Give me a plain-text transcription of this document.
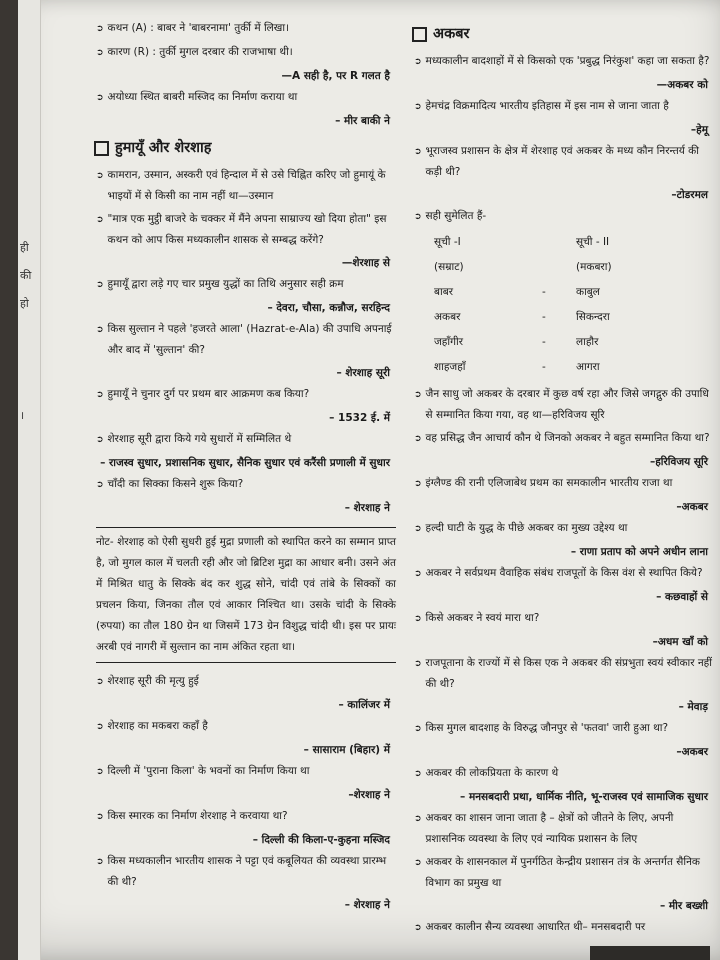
ही
की
हो
।
➲ कथन (A) : बाबर ने 'बाबरनामा' तुर्की में लिखा।
➲ कारण (R) : तुर्की मुगल दरबार की राजभाषा थी।
—A सही है, पर R गलत है
➲ अयोध्या स्थित बाबरी मस्जिद का निर्माण कराया था
– मीर बाकी ने
हुमायूँ और शेरशाह
➲ कामरान, उस्मान, अस्करी एवं हिन्दाल में से उसे चिह्नित करिए जो हुमायूं के भाइयों में से किसी का नाम नहीं था—उस्मान
➲ "मात्र एक मुट्ठी बाजरे के चक्कर में मैंने अपना साम्राज्य खो दिया होता" इस कथन को आप किस मध्यकालीन शासक से सम्बद्ध करेंगे?
—शेरशाह से
➲ हुमायूँ द्वारा लड़े गए चार प्रमुख युद्धों का तिथि अनुसार सही क्रम
– देवरा, चौसा, कन्नौज, सरहिन्द
➲ किस सुल्तान ने पहले 'हजरते आला' (Hazrat-e-Ala) की उपाधि अपनाई और बाद में 'सुल्तान' की?
– शेरशाह सूरी
➲ हुमायूँ ने चुनार दुर्ग पर प्रथम बार आक्रमण कब किया?
– 1532 ई. में
➲ शेरशाह सूरी द्वारा किये गये सुधारों में सम्मिलित थे
– राजस्व सुधार, प्रशासनिक सुधार, सैनिक सुधार एवं करैंसी प्रणाली में सुधार
➲ चाँदी का सिक्का किसने शुरू किया?
– शेरशाह ने
नोट- शेरशाह को ऐसी सुधरी हुई मुद्रा प्रणाली को स्थापित करने का सम्मान प्राप्त है, जो मुगल काल में चलती रही और जो ब्रिटिश मुद्रा का आधार बनी। उसने अंत में मिश्रित धातु के सिक्के बंद कर शुद्ध सोने, चांदी एवं तांबे के सिक्कों का प्रचलन किया, जिनका तौल एवं आकार निश्चित था। उसके चांदी के सिक्के (रुपया) का तौल 180 ग्रेन था जिसमें 173 ग्रेन विशुद्ध चांदी थी। इस पर प्रायः अरबी एवं नागरी में सुल्तान का नाम अंकित रहता था।
➲ शेरशाह सूरी की मृत्यु हुई
– कालिंजर में
➲ शेरशाह का मकबरा कहाँ है
– सासाराम (बिहार) में
➲ दिल्ली में 'पुराना किला' के भवनों का निर्माण किया था
–शेरशाह ने
➲ किस स्मारक का निर्माण शेरशाह ने करवाया था?
– दिल्ली की किला-ए-कुहना मस्जिद
➲ किस मध्यकालीन भारतीय शासक ने पट्टा एवं कबूलियत की व्यवस्था प्रारम्भ की थी?
– शेरशाह ने
अकबर
➲ मध्यकालीन बादशाहों में से किसको एक 'प्रबुद्ध निरंकुश' कहा जा सकता है?
—अकबर को
➲ हेमचंद्र विक्रमादित्य भारतीय इतिहास में इस नाम से जाना जाता है
–हेमू
➲ भूराजस्व प्रशासन के क्षेत्र में शेरशाह एवं अकबर के मध्य कौन निरन्तर्य की कड़ी थी?
–टोडरमल
➲ सही सुमेलित हैं-
सूची -I	सूची - II
(सम्राट)	(मकबरा)
बाबर	-	काबुल
अकबर	-	सिकन्दरा
जहाँगीर	-	लाहौर
शाहजहाँ	-	आगरा
➲ जैन साधु जो अकबर के दरबार में कुछ वर्ष रहा और जिसे जगद्गुरु की उपाधि से सम्मानित किया गया, वह था—हरिविजय सूरि
➲ वह प्रसिद्ध जैन आचार्य कौन थे जिनको अकबर ने बहुत सम्मानित किया था?
–हरिविजय सूरि
➲ इंग्लैण्ड की रानी एलिजाबेथ प्रथम का समकालीन भारतीय राजा था
–अकबर
➲ हल्दी घाटी के युद्ध के पीछे अकबर का मुख्य उद्देश्य था
– राणा प्रताप को अपने अधीन लाना
➲ अकबर ने सर्वप्रथम वैवाहिक संबंध राजपूतों के किस वंश से स्थापित किये?
– कछवाहों से
➲ किसे अकबर ने स्वयं मारा था?
–अधम खाँ को
➲ राजपूताना के राज्यों में से किस एक ने अकबर की संप्रभुता स्वयं स्वीकार नहीं की थी?
– मेवाड़
➲ किस मुगल बादशाह के विरुद्ध जौनपुर से 'फतवा' जारी हुआ था?
–अकबर
➲ अकबर की लोकप्रियता के कारण थे
– मनसबदारी प्रथा, धार्मिक नीति, भू-राजस्व एवं सामाजिक सुधार
➲ अकबर का शासन जाना जाता है – क्षेत्रों को जीतने के लिए, अपनी प्रशासनिक व्यवस्था के लिए एवं न्यायिक प्रशासन के लिए
➲ अकबर के शासनकाल में पुनर्गठित केन्द्रीय प्रशासन तंत्र के अन्तर्गत सैनिक विभाग का प्रमुख था
– मीर बख्शी
➲ अकबर कालीन सैन्य व्यवस्था आधारित थी– मनसबदारी पर
